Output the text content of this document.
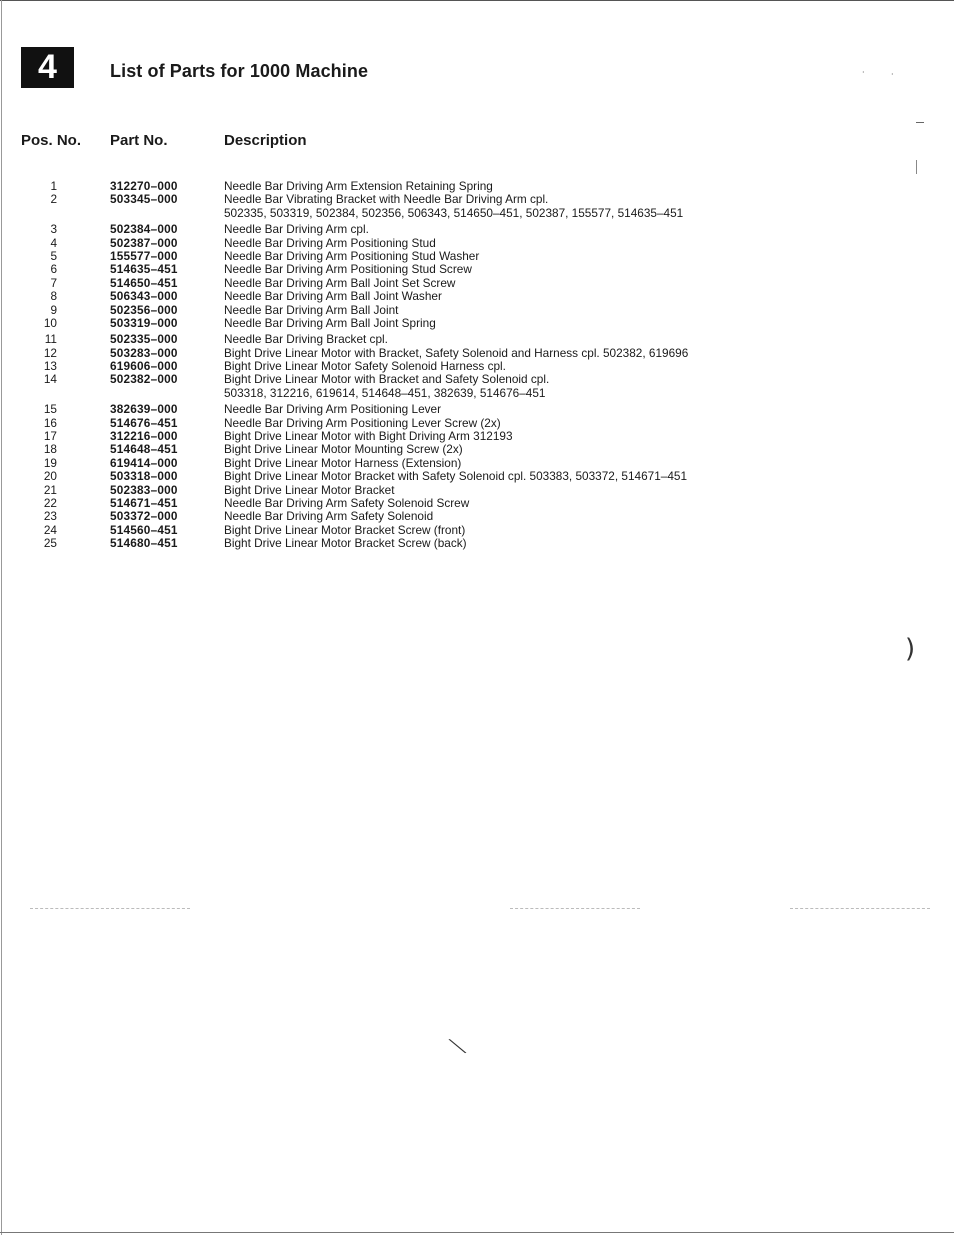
4	List of Parts for 1000 Machine
Pos. No. Part No.	Description
1	312270–000	Needle Bar Driving Arm Extension Retaining Spring
2	503345–000	Needle Bar Vibrating Bracket with Needle Bar Driving Arm cpl.
502335, 503319, 502384, 502356, 506343, 514650–451, 502387, 155577, 514635–451
3	502384–000	Needle Bar Driving Arm cpl.
4	502387–000	Needle Bar Driving Arm Positioning Stud
5	155577–000	Needle Bar Driving Arm Positioning Stud Washer
6	514635–451	Needle Bar Driving Arm Positioning Stud Screw
7	514650–451	Needle Bar Driving Arm Ball Joint Set Screw
8	506343–000	Needle Bar Driving Arm Ball Joint Washer
9	502356–000	Needle Bar Driving Arm Ball Joint
10	503319–000	Needle Bar Driving Arm Ball Joint Spring
11	502335–000	Needle Bar Driving Bracket cpl.
12	503283–000	Bight Drive Linear Motor with Bracket, Safety Solenoid and Harness cpl. 502382, 619696
13	619606–000	Bight Drive Linear Motor Safety Solenoid Harness cpl.
14	502382–000	Bight Drive Linear Motor with Bracket and Safety Solenoid cpl.
503318, 312216, 619614, 514648–451, 382639, 514676–451
15	382639–000	Needle Bar Driving Arm Positioning Lever
16	514676–451	Needle Bar Driving Arm Positioning Lever Screw (2x)
17	312216–000	Bight Drive Linear Motor with Bight Driving Arm 312193
18	514648–451	Bight Drive Linear Motor Mounting Screw (2x)
19	619414–000	Bight Drive Linear Motor Harness (Extension)
20	503318–000	Bight Drive Linear Motor Bracket with Safety Solenoid cpl. 503383, 503372, 514671–451
21	502383–000	Bight Drive Linear Motor Bracket
22	514671–451	Needle Bar Driving Arm Safety Solenoid Screw
23	503372–000	Needle Bar Driving Arm Safety Solenoid
24	514560–451	Bight Drive Linear Motor Bracket Screw (front)
25	514680–451	Bight Drive Linear Motor Bracket Screw (back)
·	·
)
⟍
